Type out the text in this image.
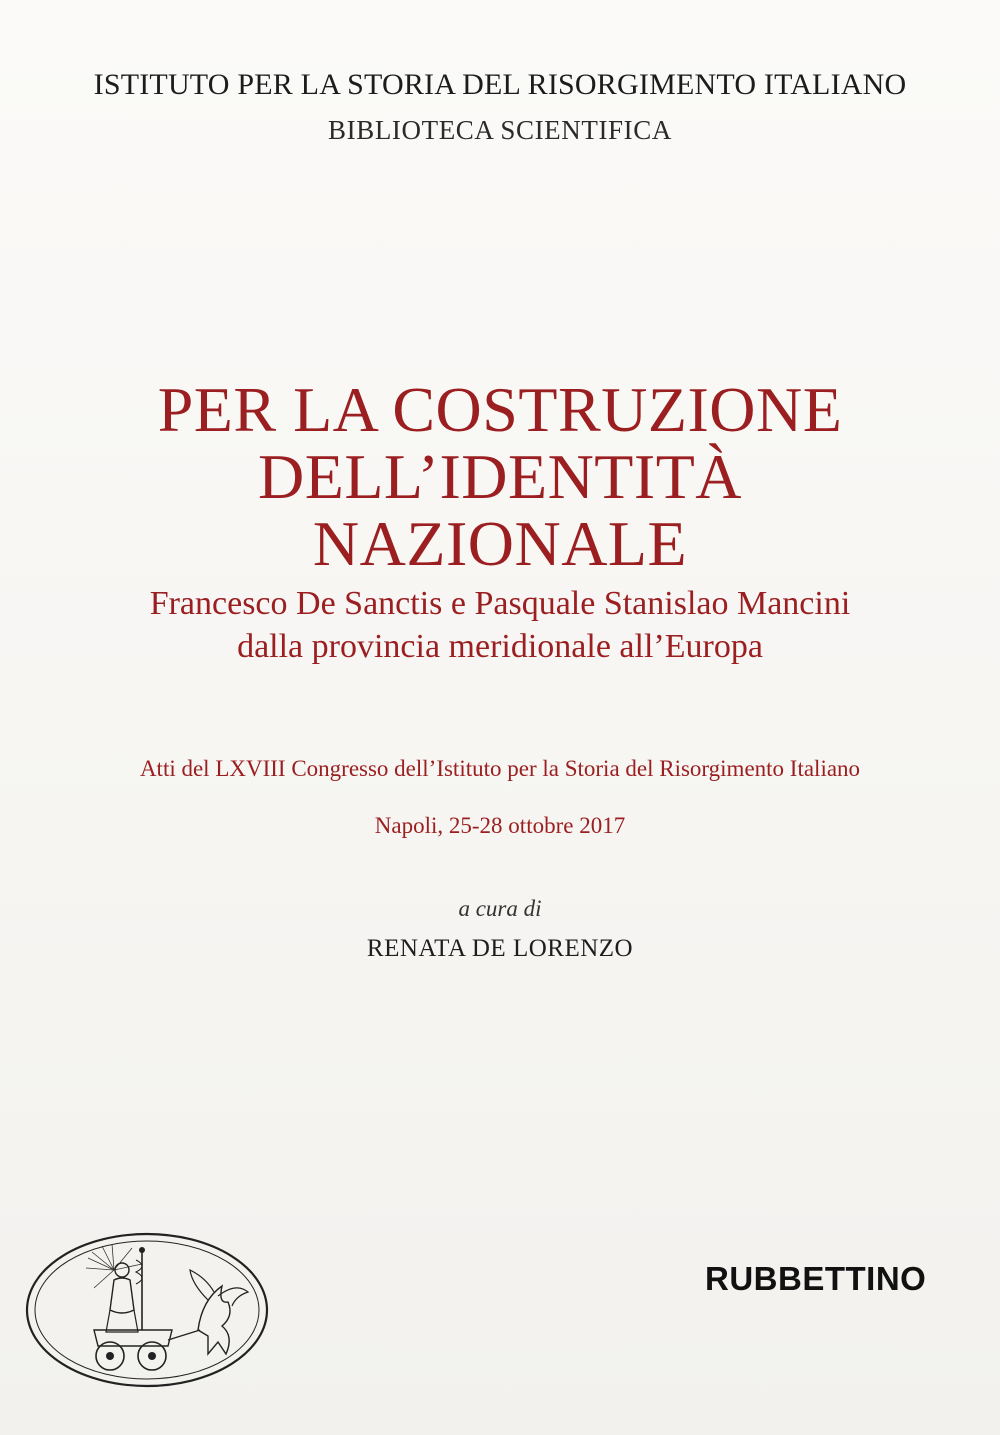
ISTITUTO PER LA STORIA DEL RISORGIMENTO ITALIANO
BIBLIOTECA SCIENTIFICA
PER LA COSTRUZIONE
DELL’IDENTITÀ
NAZIONALE
Francesco De Sanctis e Pasquale Stanislao Mancini
dalla provincia meridionale all’Europa
Atti del LXVIII Congresso dell’Istituto per la Storia del Risorgimento Italiano
Napoli, 25-28 ottobre 2017
a cura di
RENATA DE LORENZO
RUBBETTINO
